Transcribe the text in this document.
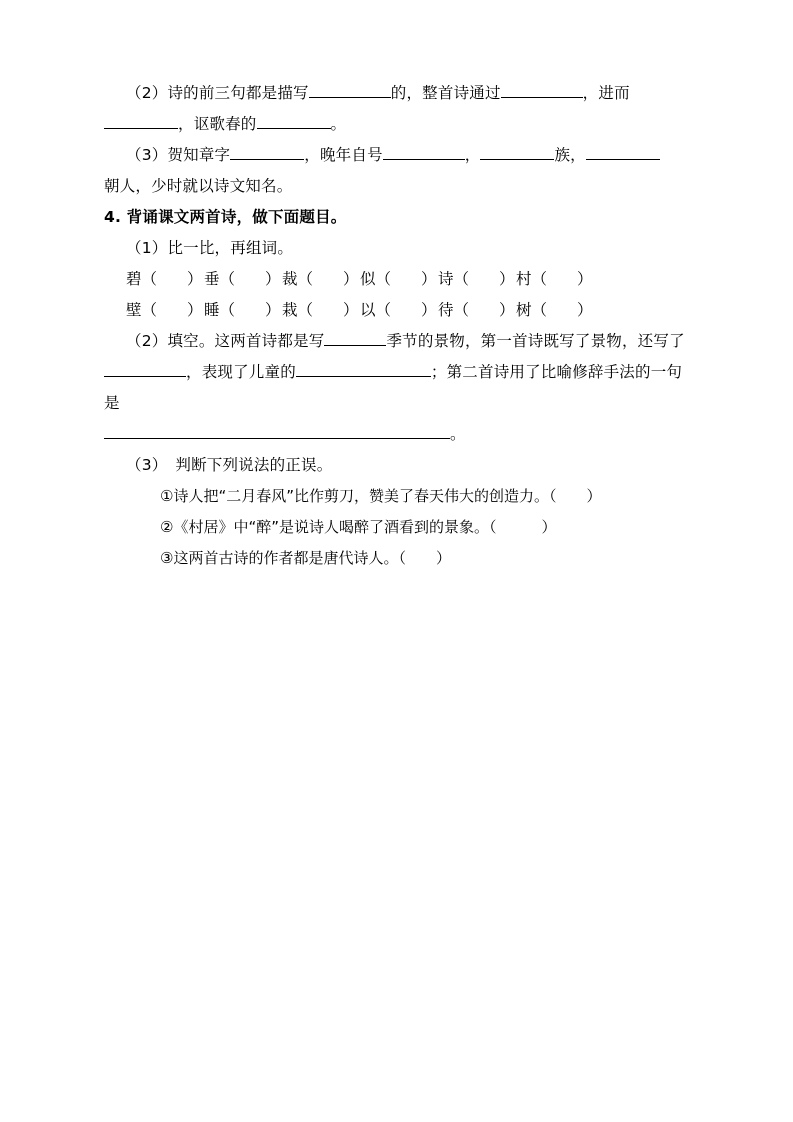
（2）诗的前三句都是描写	的，整首诗通过	，进而
，讴歌春的	。
（3）贺知章字	，晚年自号	，	族，
朝人，少时就以诗文知名。
4. 背诵课文两首诗，做下面题目。
（1）比一比，再组词。
碧（ ）垂（ ）裁（ ）似（ ）诗（ ）村（ ）
壁（ ）睡（ ）栽（ ）以（ ）待（ ）树（ ）
（2）填空。这两首诗都是写	季节的景物，第一首诗既写了景物，还写了
，表现了儿童的	；第二首诗用了比喻修辞手法的一句是
。
（3）　判断下列说法的正误。
①诗人把“二月春风”比作剪刀，赞美了春天伟大的创造力。（　　）
②《村居》中“醉”是说诗人喝醉了酒看到的景象。（　　　）
③这两首古诗的作者都是唐代诗人。（　　）
